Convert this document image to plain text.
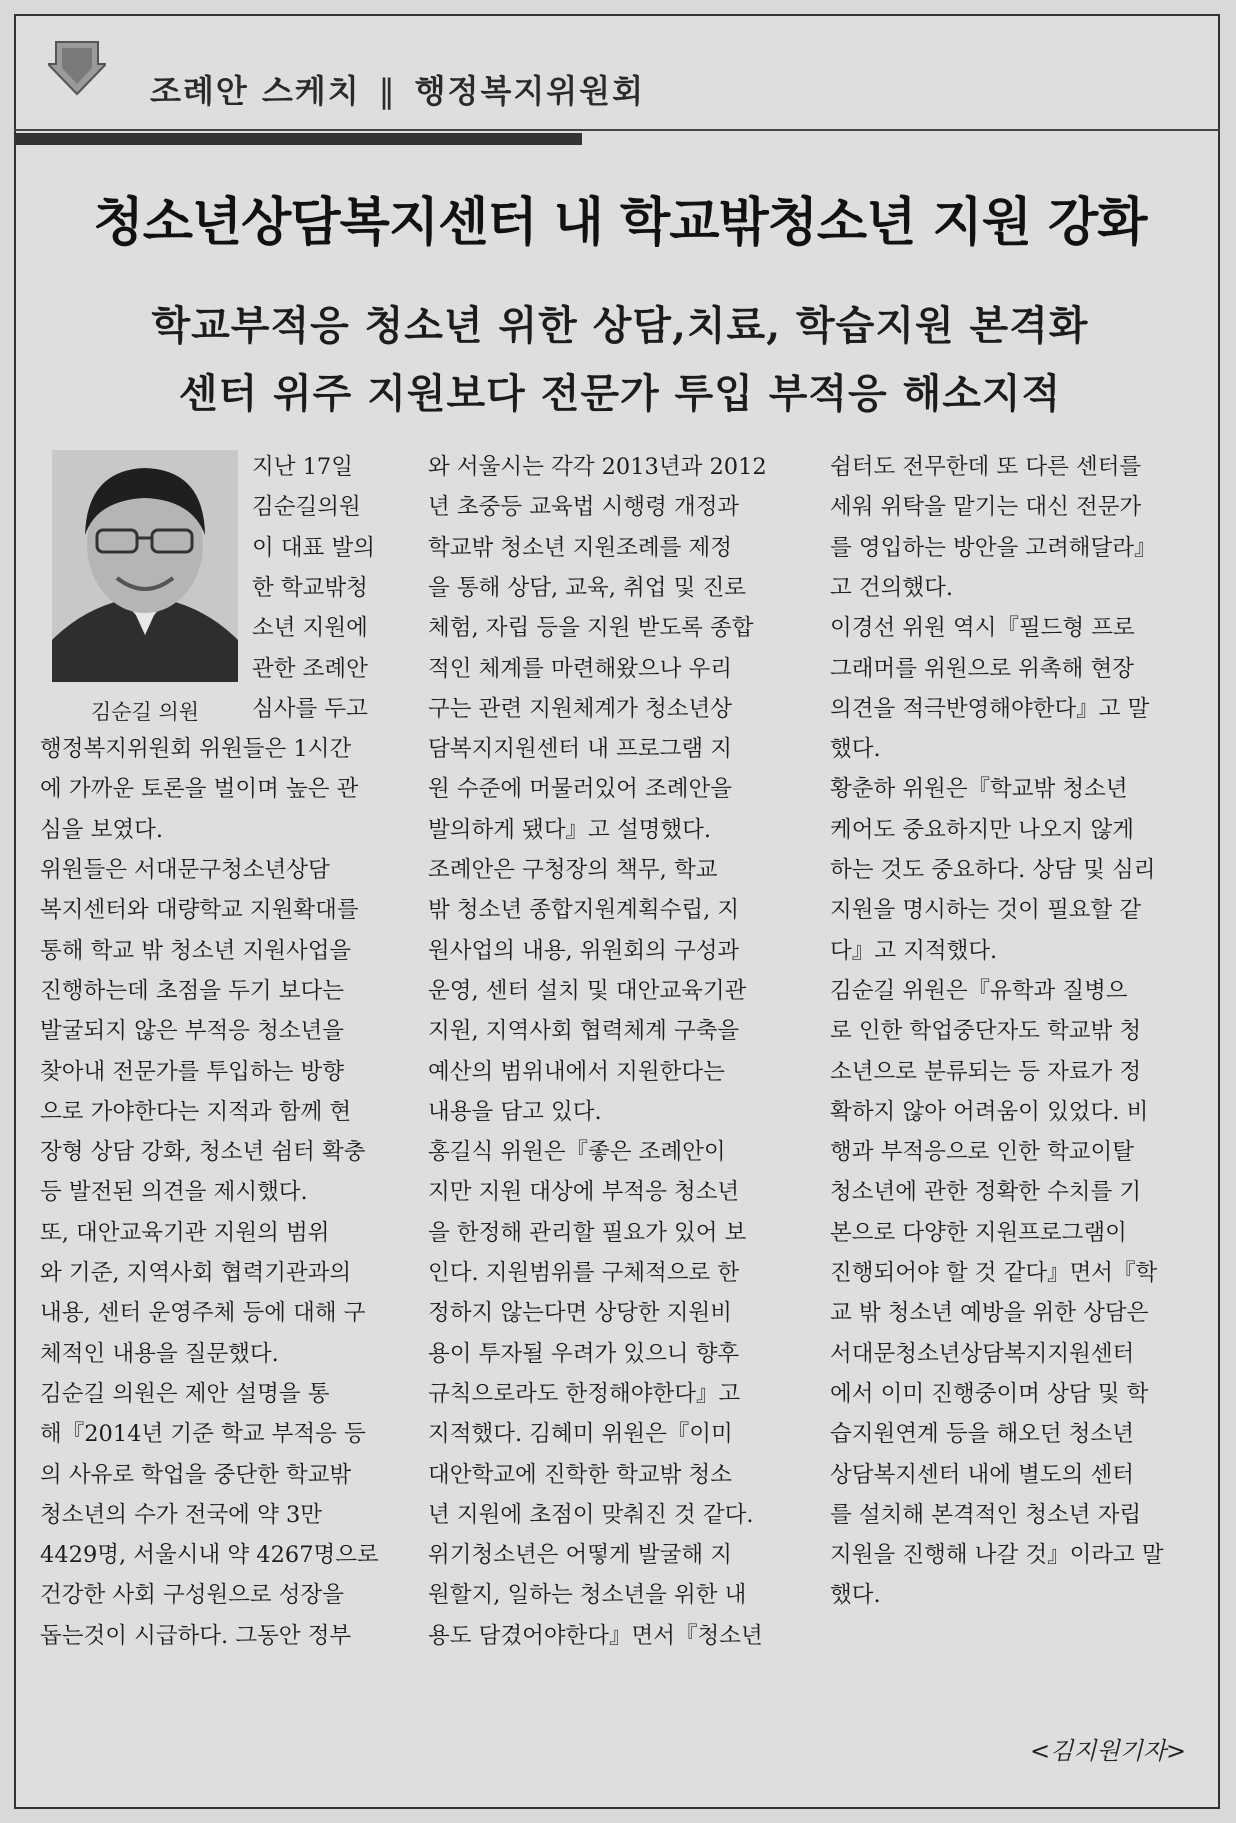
조례안 스케치 ‖ 행정복지위원회
청소년상담복지센터 내 학교밖청소년 지원 강화
학교부적응 청소년 위한 상담,치료, 학습지원 본격화
센터 위주 지원보다 전문가 투입 부적응 해소지적
김순길 의원
지난 17일
김순길의원
이 대표 발의
한 학교밖청
소년 지원에
관한 조례안
심사를 두고
행정복지위원회 위원들은 1시간
에 가까운 토론을 벌이며 높은 관
심을 보였다.
위원들은 서대문구청소년상담
복지센터와 대량학교 지원확대를
통해 학교 밖 청소년 지원사업을
진행하는데 초점을 두기 보다는
발굴되지 않은 부적응 청소년을
찾아내 전문가를 투입하는 방향
으로 가야한다는 지적과 함께 현
장형 상담 강화, 청소년 쉼터 확충
등 발전된 의견을 제시했다.
또, 대안교육기관 지원의 범위
와 기준, 지역사회 협력기관과의
내용, 센터 운영주체 등에 대해 구
체적인 내용을 질문했다.
김순길 의원은 제안 설명을 통
해『2014년 기준 학교 부적응 등
의 사유로 학업을 중단한 학교밖
청소년의 수가 전국에 약 3만
4429명, 서울시내 약 4267명으로
건강한 사회 구성원으로 성장을
돕는것이 시급하다. 그동안 정부
와 서울시는 각각 2013년과 2012
년 초중등 교육법 시행령 개정과
학교밖 청소년 지원조례를 제정
을 통해 상담, 교육, 취업 및 진로
체험, 자립 등을 지원 받도록 종합
적인 체계를 마련해왔으나 우리
구는 관련 지원체계가 청소년상
담복지지원센터 내 프로그램 지
원 수준에 머물러있어 조례안을
발의하게 됐다』고 설명했다.
조례안은 구청장의 책무, 학교
밖 청소년 종합지원계획수립, 지
원사업의 내용, 위원회의 구성과
운영, 센터 설치 및 대안교육기관
지원, 지역사회 협력체계 구축을
예산의 범위내에서 지원한다는
내용을 담고 있다.
홍길식 위원은『좋은 조례안이
지만 지원 대상에 부적응 청소년
을 한정해 관리할 필요가 있어 보
인다. 지원범위를 구체적으로 한
정하지 않는다면 상당한 지원비
용이 투자될 우려가 있으니 향후
규칙으로라도 한정해야한다』고
지적했다. 김혜미 위원은『이미
대안학교에 진학한 학교밖 청소
년 지원에 초점이 맞춰진 것 같다.
위기청소년은 어떻게 발굴해 지
원할지, 일하는 청소년을 위한 내
용도 담겼어야한다』면서『청소년
쉼터도 전무한데 또 다른 센터를
세워 위탁을 맡기는 대신 전문가
를 영입하는 방안을 고려해달라』
고 건의했다.
이경선 위원 역시『필드형 프로
그래머를 위원으로 위촉해 현장
의견을 적극반영해야한다』고 말
했다.
황춘하 위원은『학교밖 청소년
케어도 중요하지만 나오지 않게
하는 것도 중요하다. 상담 및 심리
지원을 명시하는 것이 필요할 같
다』고 지적했다.
김순길 위원은『유학과 질병으
로 인한 학업중단자도 학교밖 청
소년으로 분류되는 등 자료가 정
확하지 않아 어려움이 있었다. 비
행과 부적응으로 인한 학교이탈
청소년에 관한 정확한 수치를 기
본으로 다양한 지원프로그램이
진행되어야 할 것 같다』면서『학
교 밖 청소년 예방을 위한 상담은
서대문청소년상담복지지원센터
에서 이미 진행중이며 상담 및 학
습지원연계 등을 해오던 청소년
상담복지센터 내에 별도의 센터
를 설치해 본격적인 청소년 자립
지원을 진행해 나갈 것』이라고 말
했다.
<김지원기자>
